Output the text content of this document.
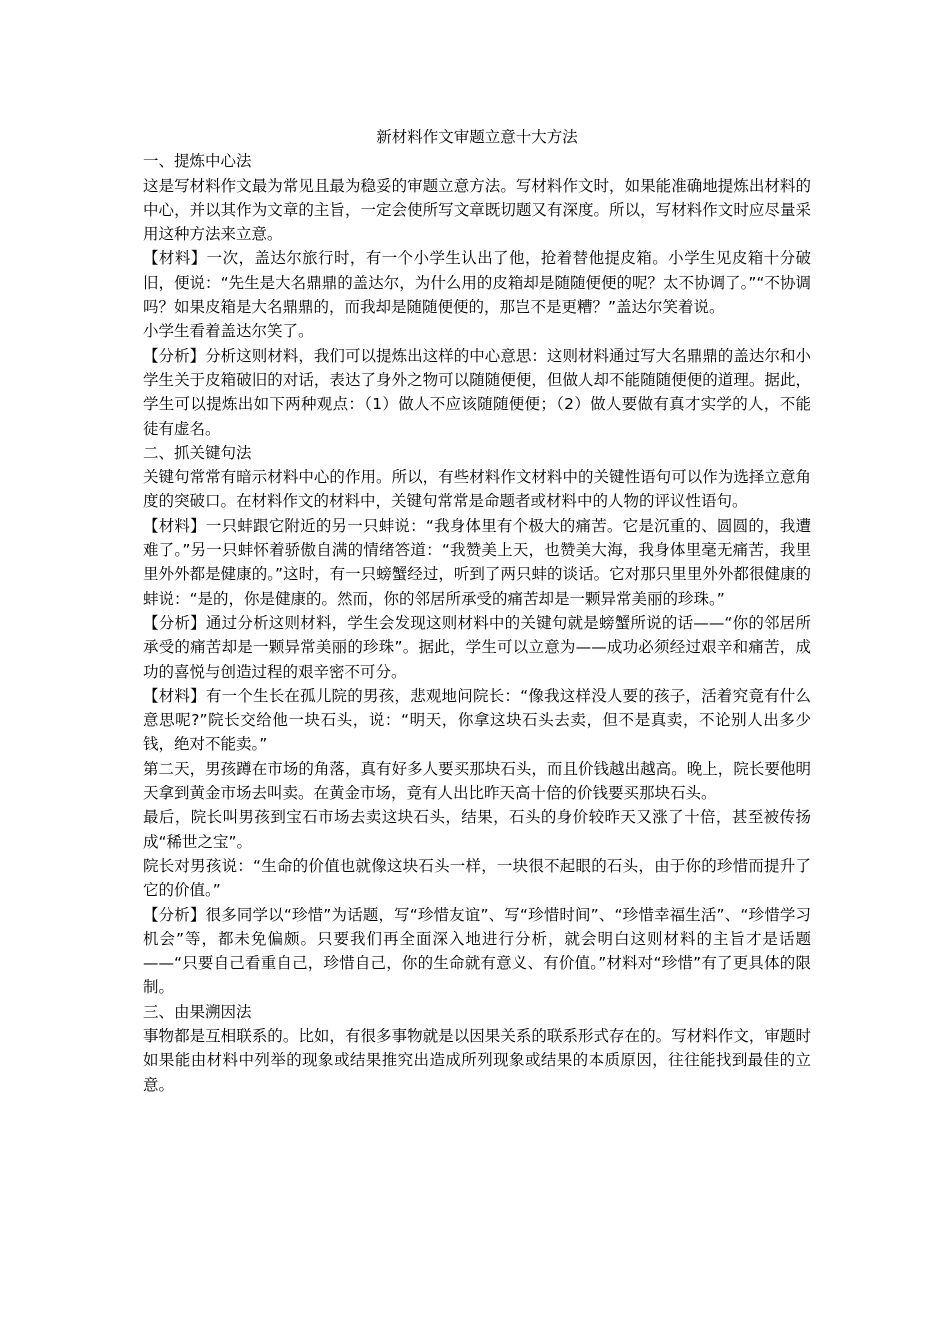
新材料作文审题立意十大方法
一、提炼中心法
这是写材料作文最为常见且最为稳妥的审题立意方法。写材料作文时，如果能准确地提炼出材料的中心，并以其作为文章的主旨，一定会使所写文章既切题又有深度。所以，写材料作文时应尽量采用这种方法来立意。
【材料】一次，盖达尔旅行时，有一个小学生认出了他，抢着替他提皮箱。小学生见皮箱十分破旧，便说：“先生是大名鼎鼎的盖达尔，为什么用的皮箱却是随随便便的呢？太不协调了。”“不协调吗？如果皮箱是大名鼎鼎的，而我却是随随便便的，那岂不是更糟？”盖达尔笑着说。
小学生看着盖达尔笑了。
【分析】分析这则材料，我们可以提炼出这样的中心意思：这则材料通过写大名鼎鼎的盖达尔和小学生关于皮箱破旧的对话，表达了身外之物可以随随便便，但做人却不能随随便便的道理。据此，学生可以提炼出如下两种观点：（1）做人不应该随随便便；（2）做人要做有真才实学的人，不能徒有虚名。
二、抓关键句法
关键句常常有暗示材料中心的作用。所以，有些材料作文材料中的关键性语句可以作为选择立意角度的突破口。在材料作文的材料中，关键句常常是命题者或材料中的人物的评议性语句。
【材料】一只蚌跟它附近的另一只蚌说：“我身体里有个极大的痛苦。它是沉重的、圆圆的，我遭难了。”另一只蚌怀着骄傲自满的情绪答道：“我赞美上天，也赞美大海，我身体里毫无痛苦，我里里外外都是健康的。”这时，有一只螃蟹经过，听到了两只蚌的谈话。它对那只里里外外都很健康的蚌说：“是的，你是健康的。然而，你的邻居所承受的痛苦却是一颗异常美丽的珍珠。”
【分析】通过分析这则材料，学生会发现这则材料中的关键句就是螃蟹所说的话——“你的邻居所承受的痛苦却是一颗异常美丽的珍珠”。据此，学生可以立意为——成功必须经过艰辛和痛苦，成功的喜悦与创造过程的艰辛密不可分。
【材料】有一个生长在孤儿院的男孩，悲观地问院长：“像我这样没人要的孩子，活着究竟有什么意思呢?”院长交给他一块石头，说：“明天，你拿这块石头去卖，但不是真卖，不论别人出多少钱，绝对不能卖。”
第二天，男孩蹲在市场的角落，真有好多人要买那块石头，而且价钱越出越高。晚上，院长要他明天拿到黄金市场去叫卖。在黄金市场，竟有人出比昨天高十倍的价钱要买那块石头。
最后，院长叫男孩到宝石市场去卖这块石头，结果，石头的身价较昨天又涨了十倍，甚至被传扬成“稀世之宝”。
院长对男孩说：“生命的价值也就像这块石头一样，一块很不起眼的石头，由于你的珍惜而提升了它的价值。”
【分析】很多同学以“珍惜”为话题，写“珍惜友谊”、写“珍惜时间”、“珍惜幸福生活”、“珍惜学习机会”等，都未免偏颇。只要我们再全面深入地进行分析，就会明白这则材料的主旨才是话题——“只要自己看重自己，珍惜自己，你的生命就有意义、有价值。”材料对“珍惜”有了更具体的限制。
三、由果溯因法
事物都是互相联系的。比如，有很多事物就是以因果关系的联系形式存在的。写材料作文，审题时如果能由材料中列举的现象或结果推究出造成所列现象或结果的本质原因，往往能找到最佳的立意。
